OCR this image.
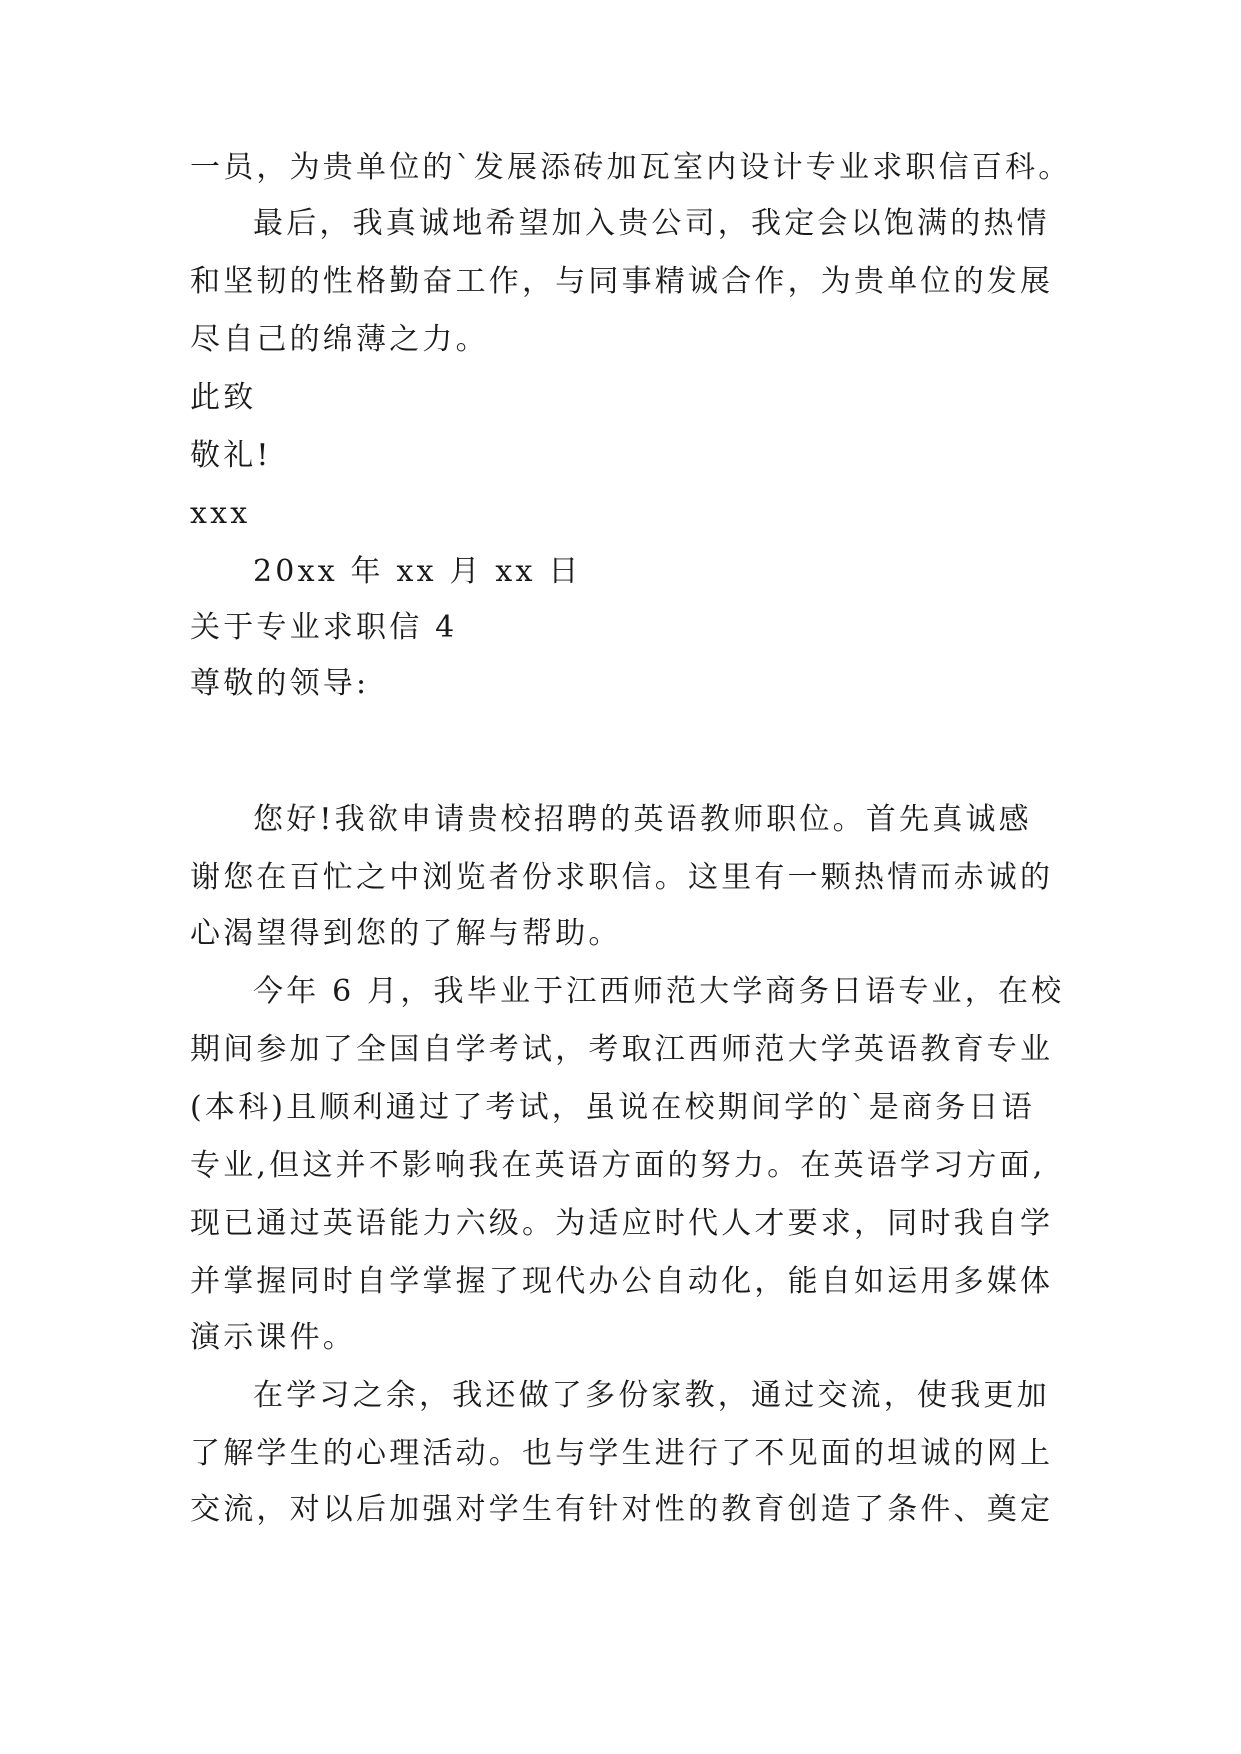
一员，为贵单位的`发展添砖加瓦室内设计专业求职信百科。
最后，我真诚地希望加入贵公司，我定会以饱满的热情
和坚韧的性格勤奋工作，与同事精诚合作，为贵单位的发展
尽自己的绵薄之力。
此致
敬礼!
xxx
20xx 年 xx 月 xx 日
关于专业求职信 4
尊敬的领导:
您好!我欲申请贵校招聘的英语教师职位。首先真诚感
谢您在百忙之中浏览者份求职信。这里有一颗热情而赤诚的
心渴望得到您的了解与帮助。
今年 6 月，我毕业于江西师范大学商务日语专业，在校
期间参加了全国自学考试，考取江西师范大学英语教育专业
(本科)且顺利通过了考试，虽说在校期间学的`是商务日语
专业,但这并不影响我在英语方面的努力。在英语学习方面,
现已通过英语能力六级。为适应时代人才要求，同时我自学
并掌握同时自学掌握了现代办公自动化，能自如运用多媒体
演示课件。
在学习之余，我还做了多份家教，通过交流，使我更加
了解学生的心理活动。也与学生进行了不见面的坦诚的网上
交流，对以后加强对学生有针对性的教育创造了条件、奠定
